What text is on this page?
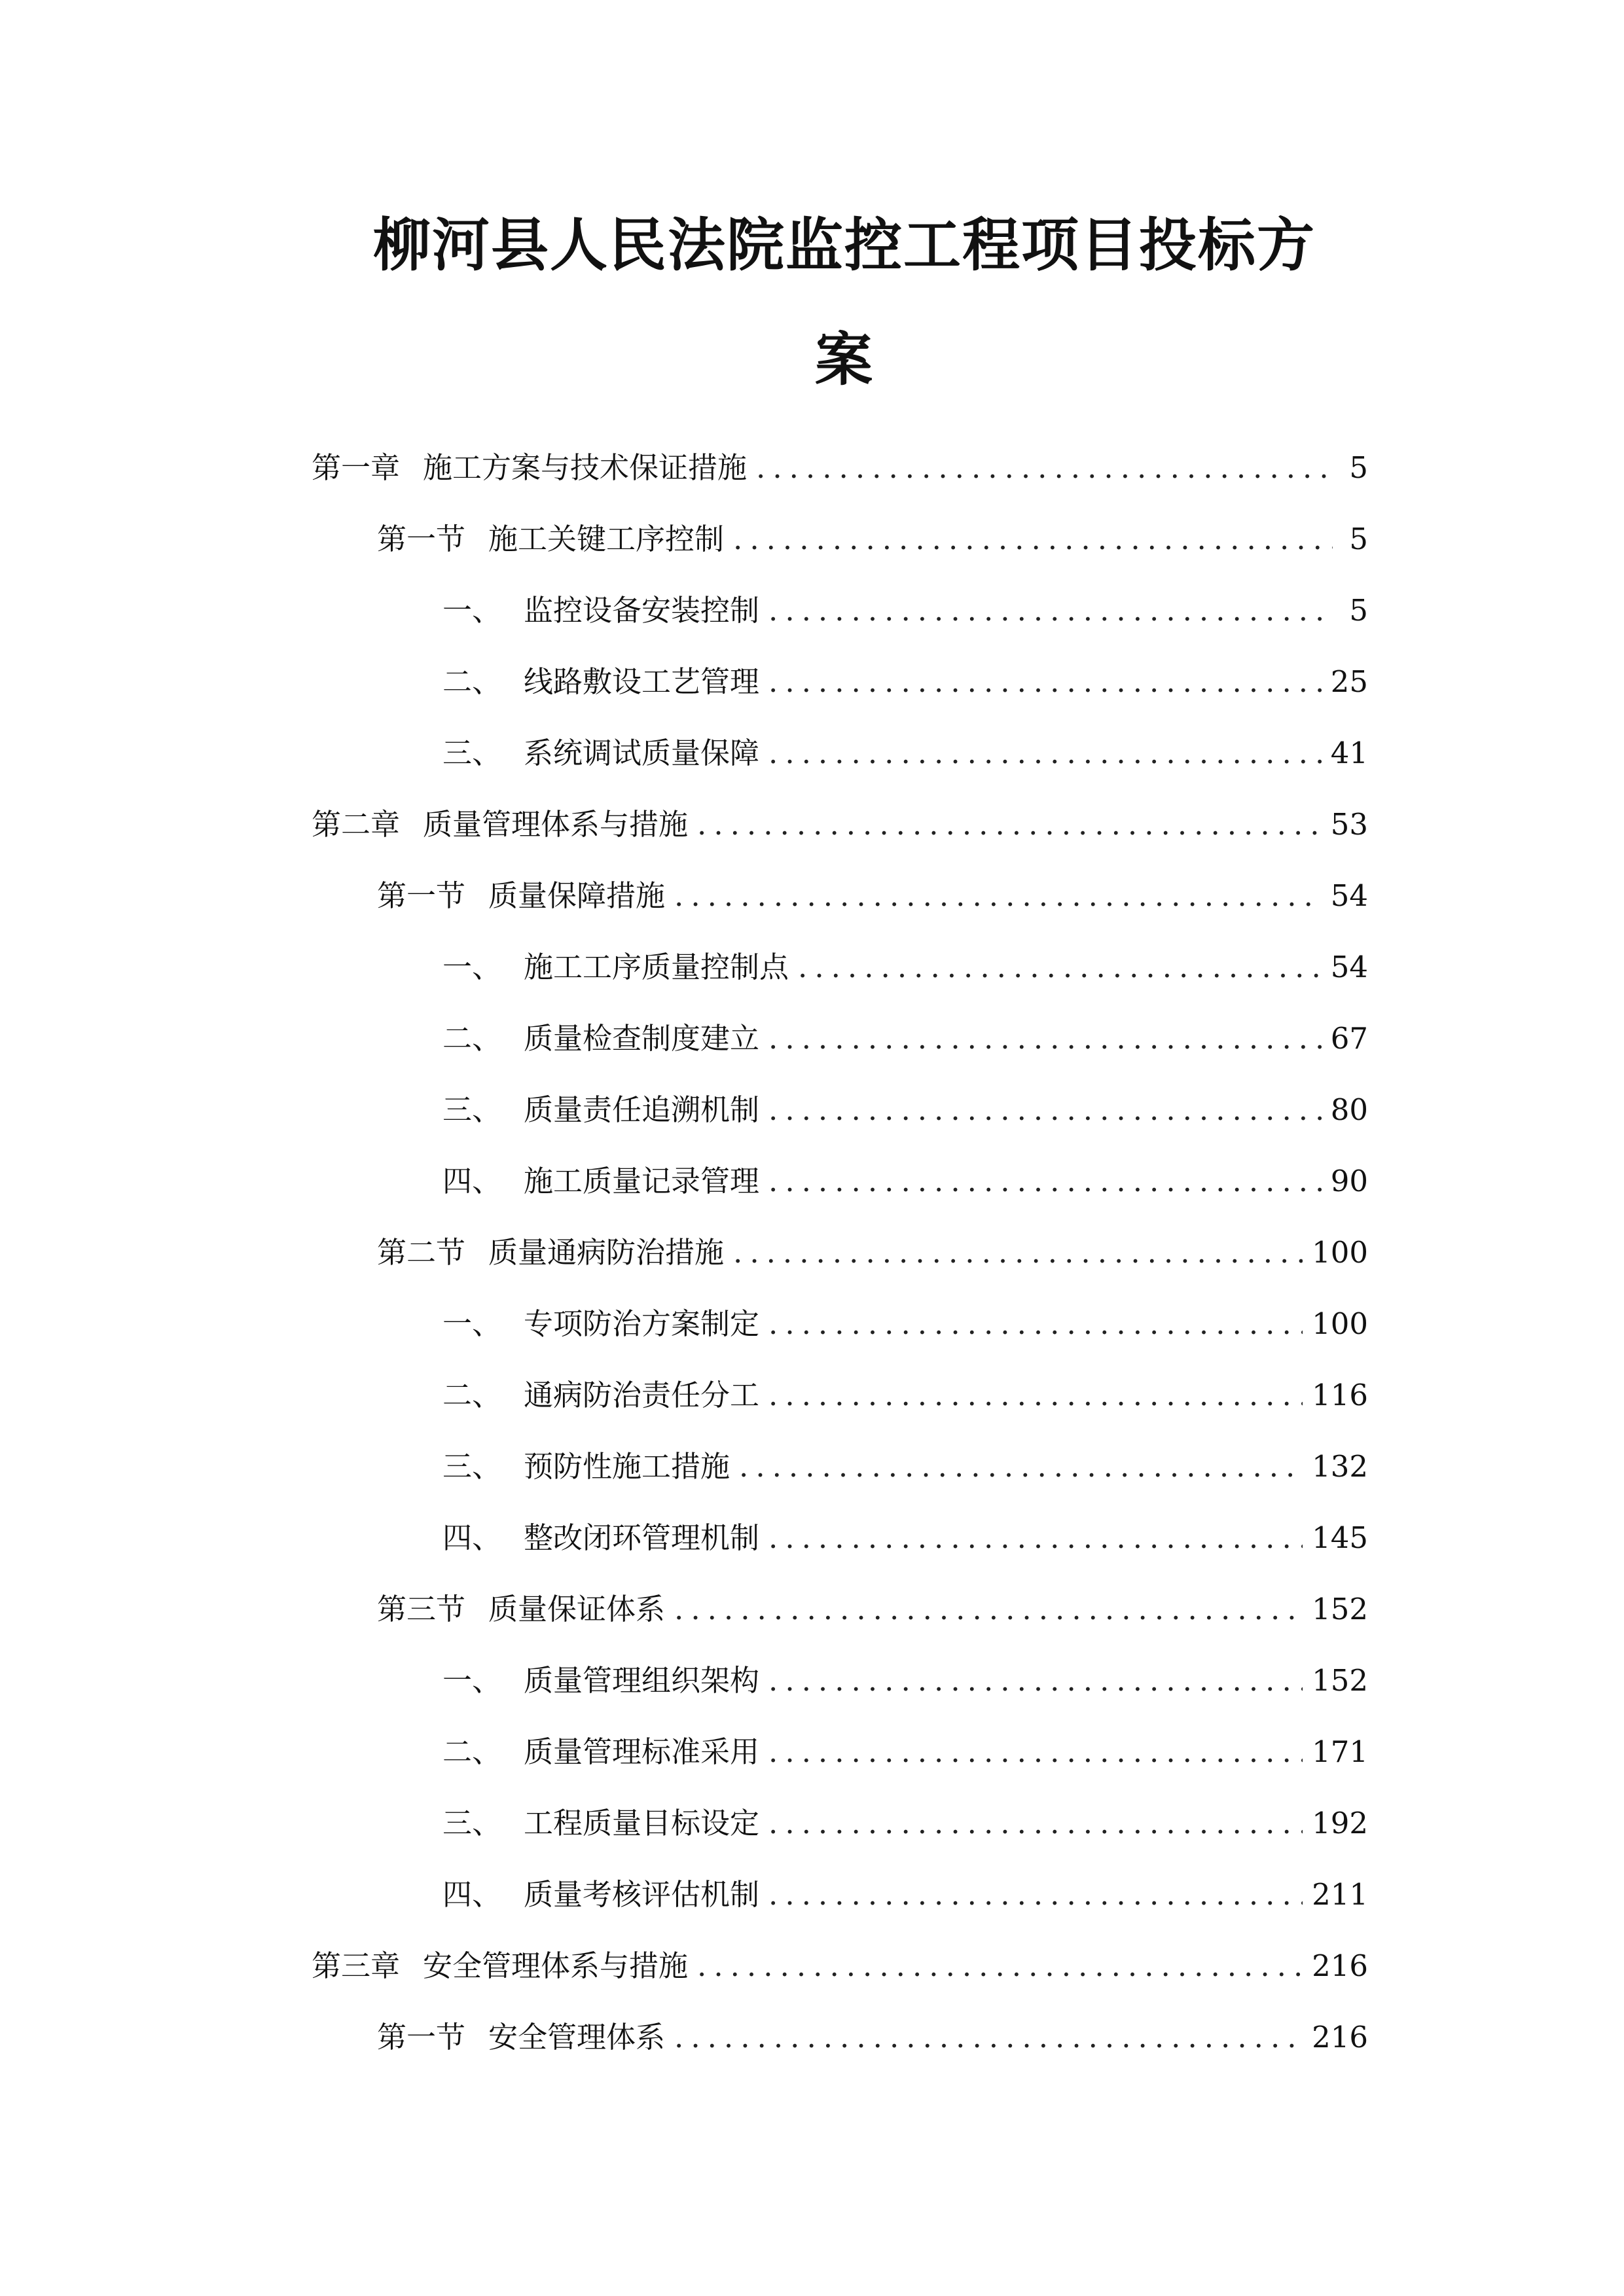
柳河县人民法院监控工程项目投标方
案
第一章 施工方案与技术保证措施 .....	5
第一节 施工关键工序控制 .....	5
一、 监控设备安装控制 .....	5
二、 线路敷设工艺管理 .....	25
三、 系统调试质量保障 .....	41
第二章 质量管理体系与措施 .....	53
第一节 质量保障措施 .....	54
一、 施工工序质量控制点 .....	54
二、 质量检查制度建立 .....	67
三、 质量责任追溯机制 .....	80
四、 施工质量记录管理 .....	90
第二节 质量通病防治措施 .....	100
一、 专项防治方案制定 .....	100
二、 通病防治责任分工 .....	116
三、 预防性施工措施 .....	132
四、 整改闭环管理机制 .....	145
第三节 质量保证体系 .....	152
一、 质量管理组织架构 .....	152
二、 质量管理标准采用 .....	171
三、 工程质量目标设定 .....	192
四、 质量考核评估机制 .....	211
第三章 安全管理体系与措施 .....	216
第一节 安全管理体系 .....	216
